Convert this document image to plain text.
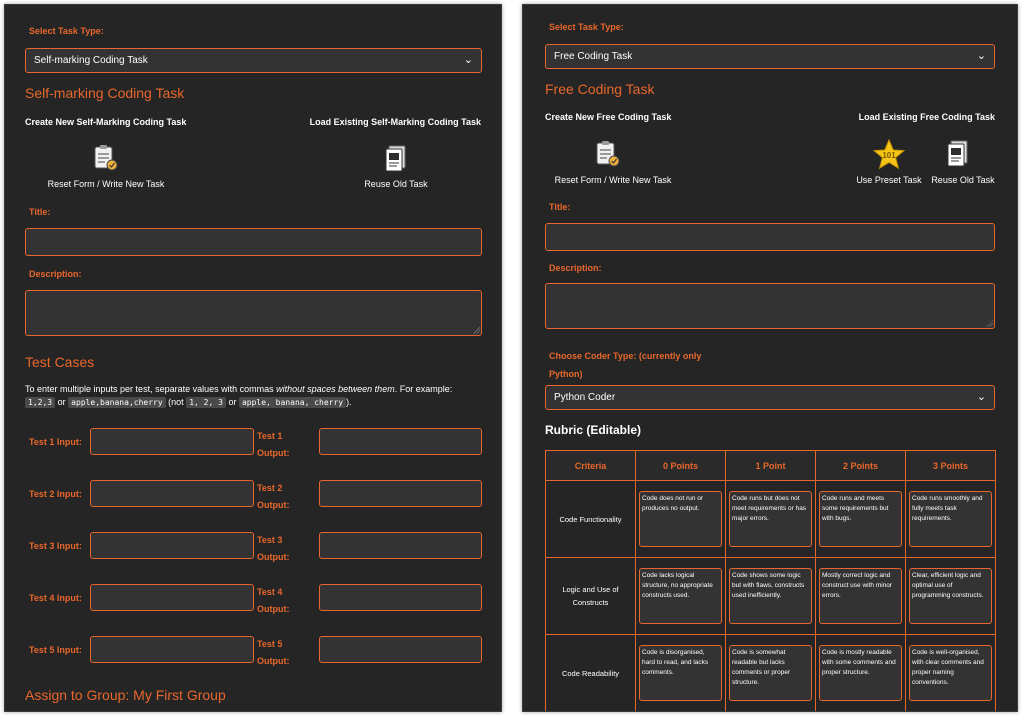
Select Task Type:
Self-marking Coding Task	⌄
Self-marking Coding Task
Create New Self-Marking Coding Task	Load Existing Self-Marking Coding Task
Reset Form / Write New Task	Reuse Old Task
Title:
Description:
Test Cases
To enter multiple inputs per test, separate values with commas without spaces between them. For example:
1,2,3 or apple,banana,cherry (not 1, 2, 3 or apple, banana, cherry ).
Test 1 Input:
Test 1
Output:
Test 2 Input:
Test 2
Output:
Test 3 Input:
Test 3
Output:
Test 4 Input:
Test 4
Output:
Test 5 Input:
Test 5
Output:
Assign to Group: My First Group
Select Task Type:
Free Coding Task	⌄
Free Coding Task
Create New Free Coding Task	Load Existing Free Coding Task
Reset Form / Write New Task
101
Use Preset Task	Reuse Old Task
Title:
Description:
Choose Coder Type: (currently only
Python)
Python Coder	⌄
Rubric (Editable)
Criteria	0 Points	1 Point	2 Points	3 Points

Code Functionality	Code does not run or produces no output.	Code runs but does not meet requirements or has major errors.	Code runs and meets some requirements but with bugs.	Code runs smoothly and fully meets task requirements.

Logic and Use of Constructs	Code lacks logical structure, no appropriate constructs used.	Code shows some logic but with flaws, constructs used inefficiently.	Mostly correct logic and construct use with minor errors.	Clear, efficient logic and optimal use of programming constructs.

Code Readability	Code is disorganised, hard to read, and lacks comments.	Code is somewhat readable but lacks comments or proper structure.	Code is mostly readable with some comments and proper structure.	Code is well-organised, with clear comments and proper naming conventions.
